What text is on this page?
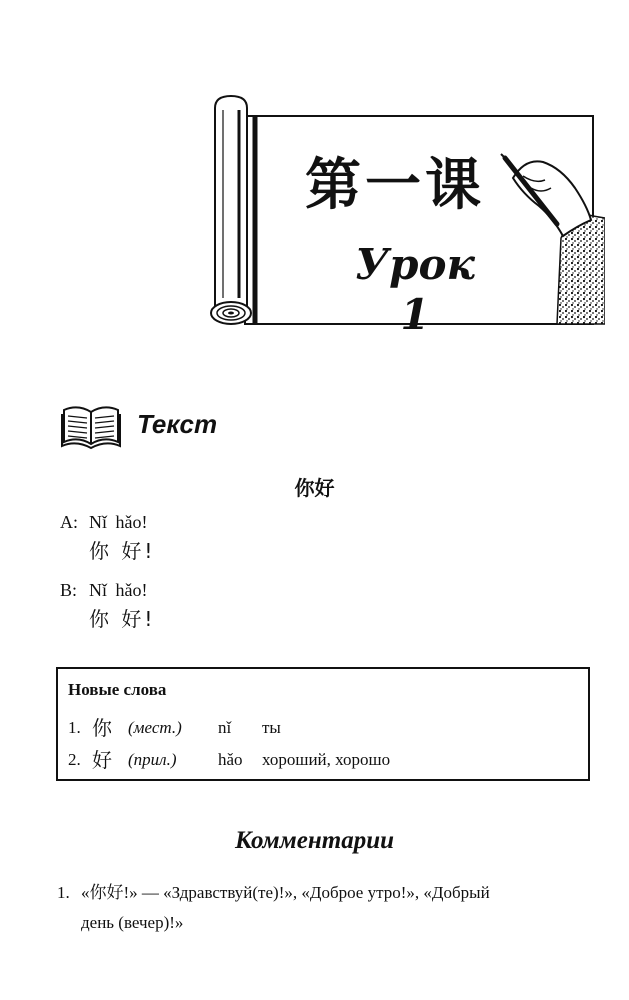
第一课
Урок 1
Текст
你好
A: Nǐ hǎo!
你 好!
B: Nǐ hǎo!
你 好!
Новые слова
1. 你 (мест.) nǐ ты
2. 好 (прил.) hǎo хороший, хорошо
Комментарии
1. «你好!» — «Здравствуй(те)!», «Доброе утро!», «Добрый
день (вечер)!»
